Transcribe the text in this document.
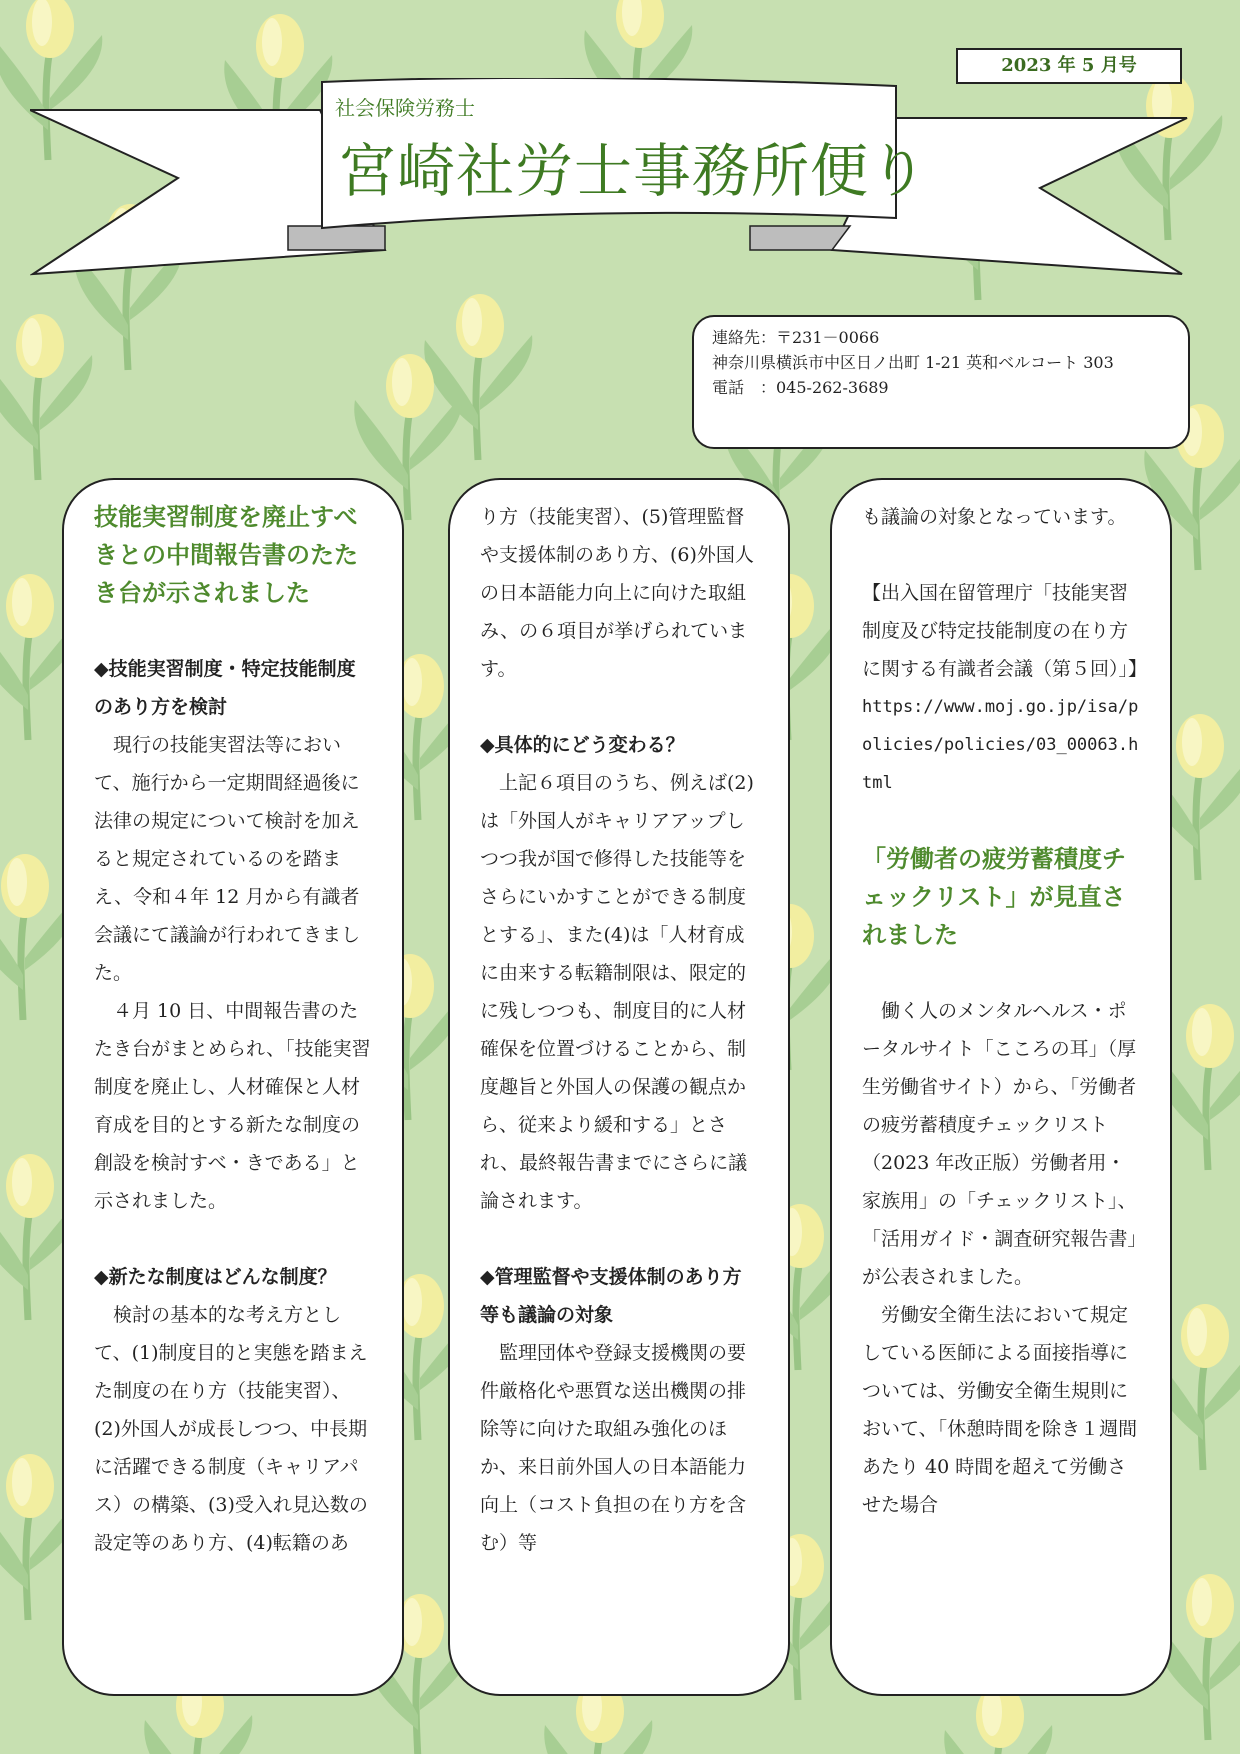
2023 年 5 月号
社会保険労務士
宮崎社労士事務所便り
連絡先：〒231－0066
神奈川県横浜市中区日ノ出町 1-21 英和ベルコート 303
電話　：045-262-3689
技能実習制度を廃止すべきとの中間報告書のたたき台が示されました
◆技能実習制度・特定技能制度のあり方を検討

現行の技能実習法等において、施行から一定期間経過後に法律の規定について検討を加えると規定されているのを踏まえ、令和４年 12 月から有識者会議にて議論が行われてきました。

４月 10 日、中間報告書のたたき台がまとめられ、「技能実習制度を廃止し、人材確保と人材育成を目的とする新たな制度の創設を検討すべ・きである」と示されました。

◆新たな制度はどんな制度？

検討の基本的な考え方として、(1)制度目的と実態を踏まえた制度の在り方（技能実習）、(2)外国人が成長しつつ、中長期に活躍できる制度（キャリアパス）の構築、(3)受入れ見込数の設定等のあり方、(4)転籍のあ

り方（技能実習）、(5)管理監督や支援体制のあり方、(6)外国人の日本語能力向上に向けた取組み、の６項目が挙げられています。

◆具体的にどう変わる？

上記６項目のうち、例えば(2)は「外国人がキャリアアップしつつ我が国で修得した技能等をさらにいかすことができる制度とする」、また(4)は「人材育成に由来する転籍制限は、限定的に残しつつも、制度目的に人材確保を位置づけることから、制度趣旨と外国人の保護の観点から、従来より緩和する」とされ、最終報告書までにさらに議論されます。

◆管理監督や支援体制のあり方等も議論の対象

監理団体や登録支援機関の要件厳格化や悪質な送出機関の排除等に向けた取組み強化のほか、来日前外国人の日本語能力向上（コスト負担の在り方を含む）等

も議論の対象となっています。

【出入国在留管理庁「技能実習制度及び特定技能制度の在り方に関する有識者会議（第５回）」】

https://www.moj.go.jp/isa/policies/policies/03_00063.html

「労働者の疲労蓄積度チェックリスト」が見直されました

働く人のメンタルヘルス・ポータルサイト「こころの耳」（厚生労働省サイト）から、「労働者の疲労蓄積度チェックリスト（2023 年改正版）労働者用・家族用」の「チェックリスト」、「活用ガイド・調査研究報告書」が公表されました。

労働安全衛生法において規定している医師による面接指導については、労働安全衛生規則において、「休憩時間を除き１週間あたり 40 時間を超えて労働させた場合
